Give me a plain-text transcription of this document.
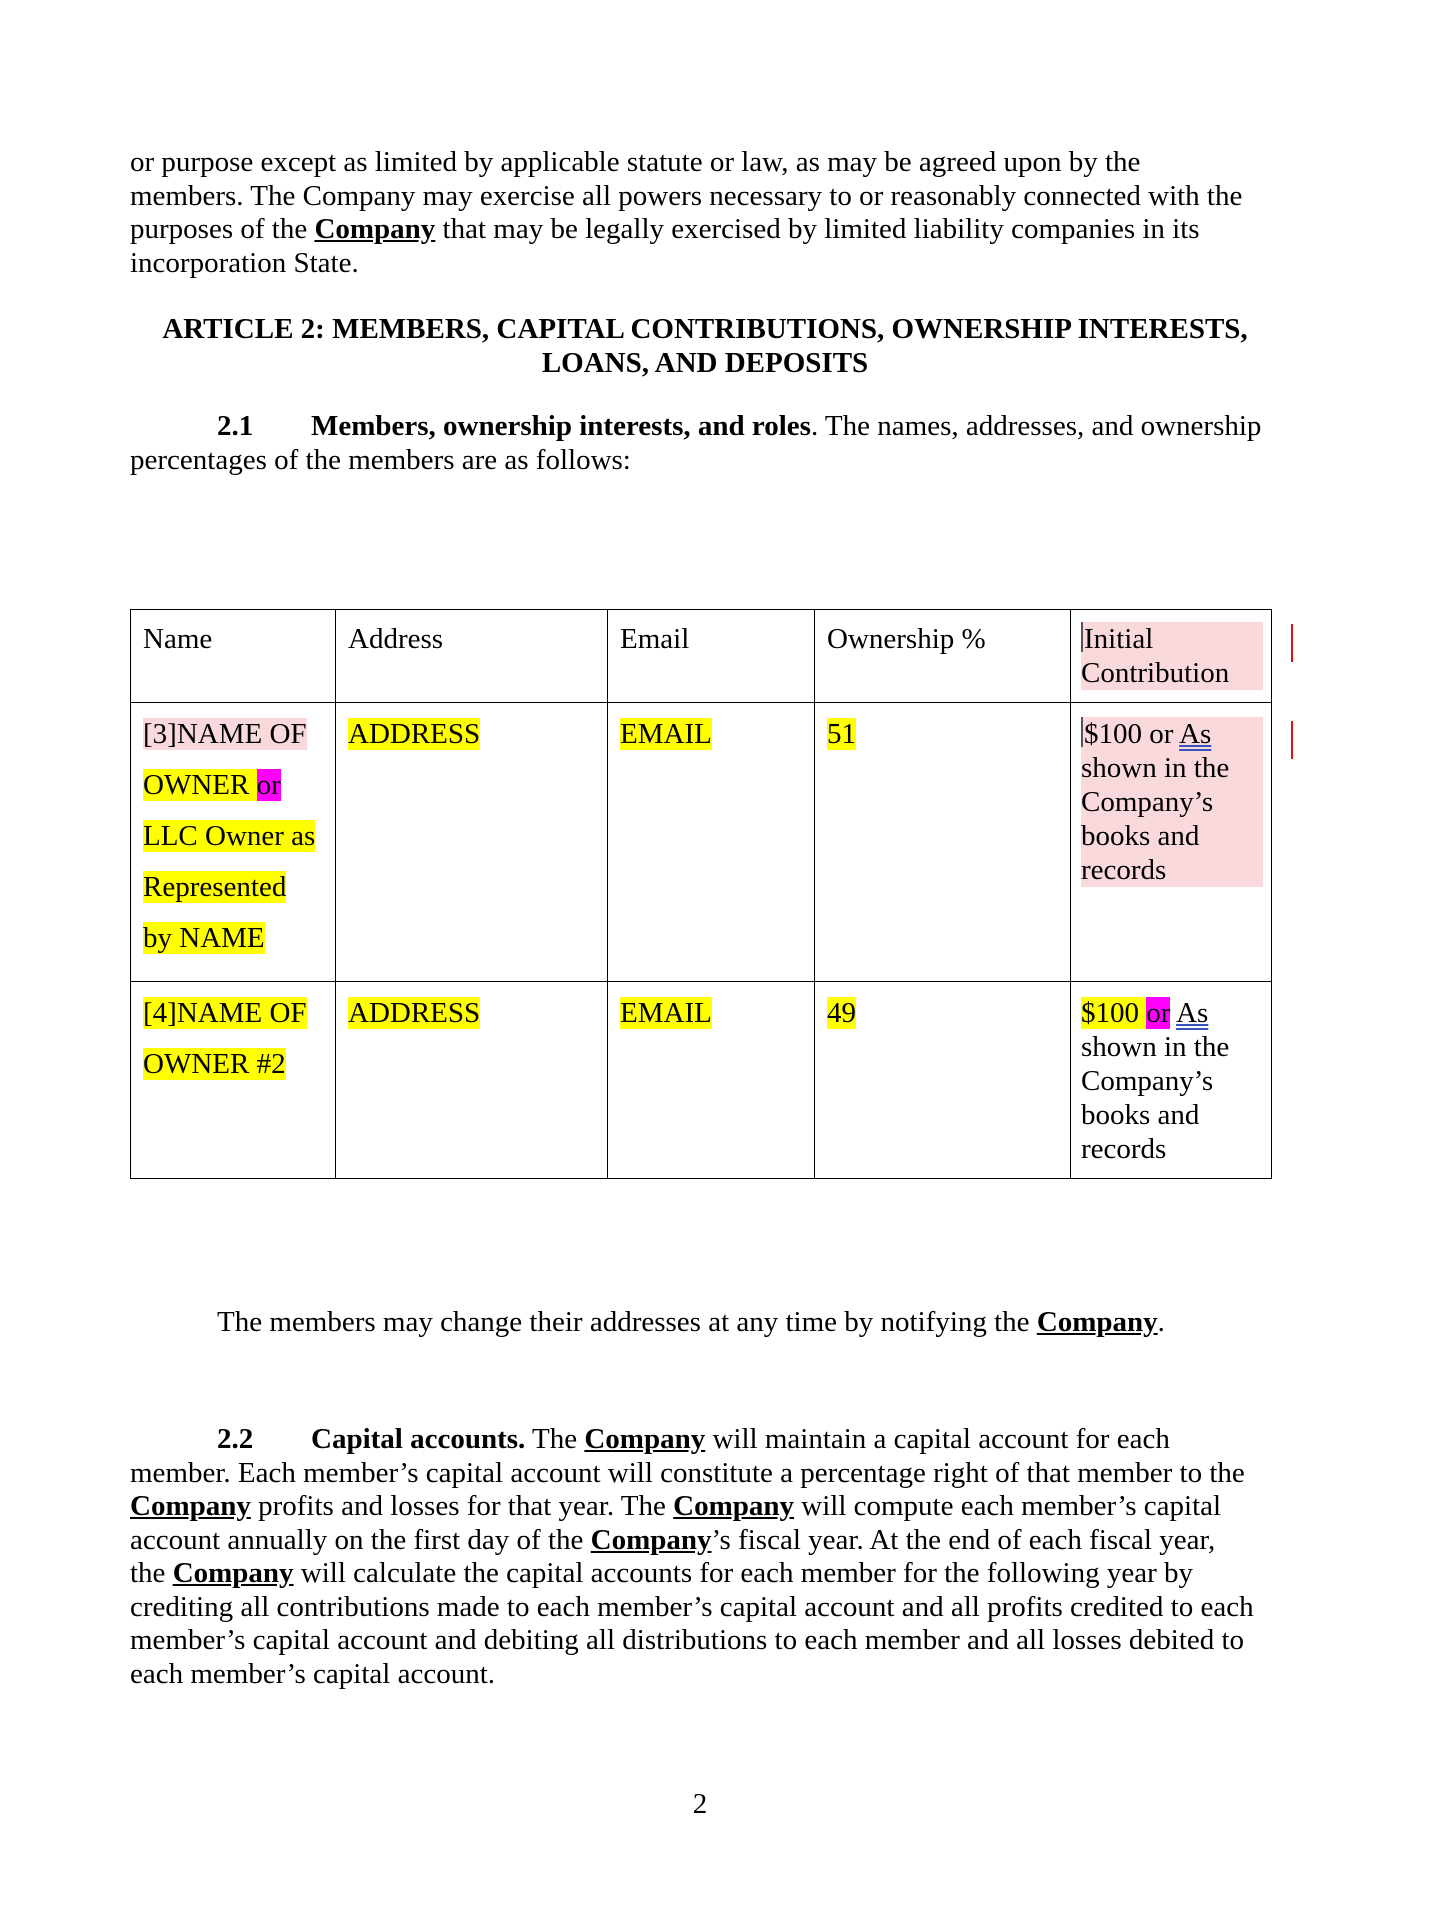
or purpose except as limited by applicable statute or law, as may be agreed upon by the
members. The Company may exercise all powers necessary to or reasonably connected with the
purposes of the Company that may be legally exercised by limited liability companies in its
incorporation State.

ARTICLE 2: MEMBERS, CAPITAL CONTRIBUTIONS, OWNERSHIP INTERESTS,
LOANS, AND DEPOSITS

2.1 Members, ownership interests, and roles. The names, addresses, and ownership
percentages of the members are as follows:

Name	Address	Email	Ownership %	Initial
Contribution

[3]NAME OF
OWNER or
LLC Owner as
Represented
by NAME	ADDRESS	EMAIL	51	$100 or As
shown in the
Company’s
books and
records

[4]NAME OF
OWNER #2	ADDRESS	EMAIL	49	$100 or As
shown in the
Company’s
books and
records

The members may change their addresses at any time by notifying the Company.

2.2 Capital accounts. The Company will maintain a capital account for each
member. Each member’s capital account will constitute a percentage right of that member to the
Company profits and losses for that year. The Company will compute each member’s capital
account annually on the first day of the Company’s fiscal year. At the end of each fiscal year,
the Company will calculate the capital accounts for each member for the following year by
crediting all contributions made to each member’s capital account and all profits credited to each
member’s capital account and debiting all distributions to each member and all losses debited to
each member’s capital account.

2
